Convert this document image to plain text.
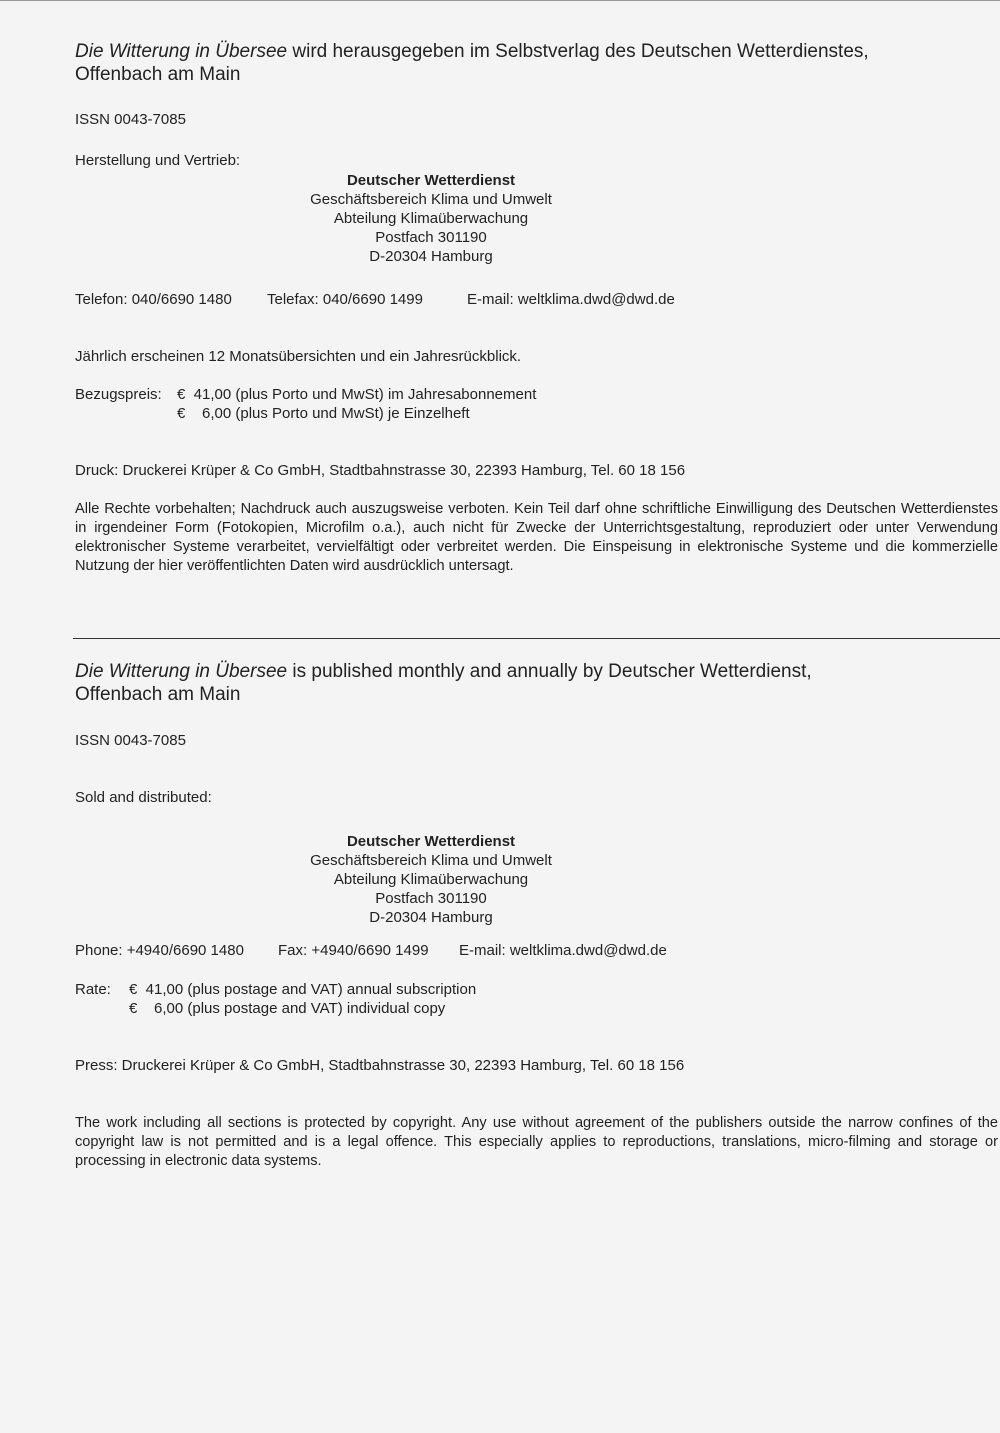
Die Witterung in Übersee wird herausgegeben im Selbstverlag des Deutschen Wetterdienstes,
Offenbach am Main
ISSN 0043-7085
Herstellung und Vertrieb:
Deutscher Wetterdienst
Geschäftsbereich Klima und Umwelt
Abteilung Klimaüberwachung
Postfach 301190
D-20304 Hamburg
Telefon: 040/6690 1480 Telefax: 040/6690 1499	E-mail: weltklima.dwd@dwd.de
Jährlich erscheinen 12 Monatsübersichten und ein Jahresrückblick.
Bezugspreis: €  41,00 (plus Porto und MwSt) im Jahresabonnement
€    6,00 (plus Porto und MwSt) je Einzelheft
Druck: Druckerei Krüper & Co GmbH, Stadtbahnstrasse 30, 22393 Hamburg, Tel. 60 18 156
Alle Rechte vorbehalten; Nachdruck auch auszugsweise verboten. Kein Teil darf ohne schriftliche Einwilligung des Deutschen Wetterdienstes in irgendeiner Form (Fotokopien, Microfilm o.a.), auch nicht für Zwecke der Unterrichtsgestaltung, reproduziert oder unter Verwendung elektronischer Systeme verarbeitet, vervielfältigt oder verbreitet werden. Die Einspeisung in elektronische Systeme und die kommerzielle Nutzung der hier veröffentlichten Daten wird ausdrücklich untersagt.
Die Witterung in Übersee is published monthly and annually by Deutscher Wetterdienst,
Offenbach am Main
ISSN 0043-7085
Sold and distributed:
Deutscher Wetterdienst
Geschäftsbereich Klima und Umwelt
Abteilung Klimaüberwachung
Postfach 301190
D-20304 Hamburg
Phone: +4940/6690 1480 Fax: +4940/6690 1499 E-mail: weltklima.dwd@dwd.de
Rate: €  41,00 (plus postage and VAT) annual subscription
€    6,00 (plus postage and VAT) individual copy
Press: Druckerei Krüper & Co GmbH, Stadtbahnstrasse 30, 22393 Hamburg, Tel. 60 18 156
The work including all sections is protected by copyright. Any use without agreement of the publishers outside the narrow confines of the copyright law is not permitted and is a legal offence. This especially applies to reproductions, translations, micro-filming and storage or processing in electronic data systems.
